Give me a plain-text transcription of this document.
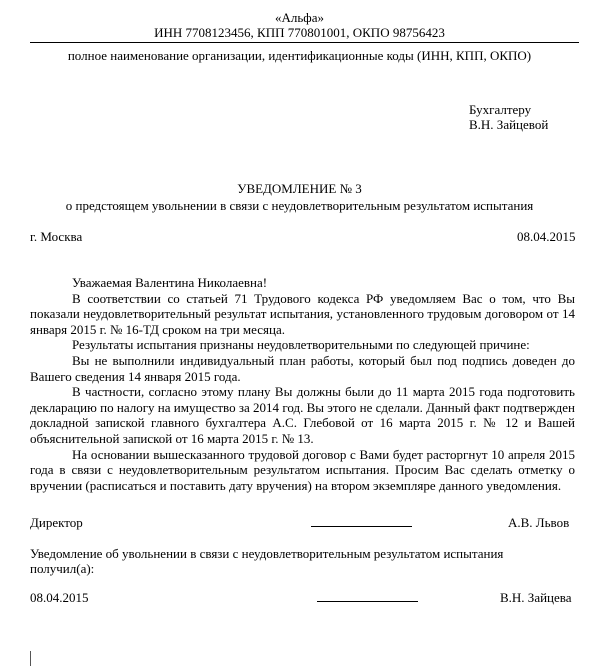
«Альфа»
ИНН 7708123456, КПП 770801001, ОКПО 98756423
полное наименование организации, идентификационные коды (ИНН, КПП, ОКПО)
Бухгалтеру
В.Н. Зайцевой
УВЕДОМЛЕНИЕ № 3
о предстоящем увольнении в связи с неудовлетворительным результатом испытания
г. Москва	08.04.2015

Уважаемая Валентина Николаевна!

В соответствии со статьей 71 Трудового кодекса РФ уведомляем Вас о том, что Вы показали неудовлетворительный результат испытания, установленного трудовым договором от 14 января 2015 г. № 16-ТД сроком на три месяца.

Результаты испытания признаны неудовлетворительными по следующей причине:

Вы не выполнили индивидуальный план работы, который был под подпись доведен до Вашего сведения 14 января 2015 года.

В частности, согласно этому плану Вы должны были до 11 марта 2015 года подготовить декларацию по налогу на имущество за 2014 год. Вы этого не сделали. Данный факт подтвержден докладной запиской главного бухгалтера А.С. Глебовой от 16 марта 2015 г. № 12 и Вашей объяснительной запиской от 16 марта 2015 г. № 13.

На основании вышесказанного трудовой договор с Вами будет расторгнут 10 апреля 2015 года в связи с неудовлетворительным результатом испытания. Просим Вас сделать отметку о вручении (расписаться и поставить дату вручения) на втором экземпляре данного уведомления.

Директор	А.В. Львов
Уведомление об увольнении в связи с неудовлетворительным результатом испытания
получил(а):
08.04.2015	В.Н. Зайцева
